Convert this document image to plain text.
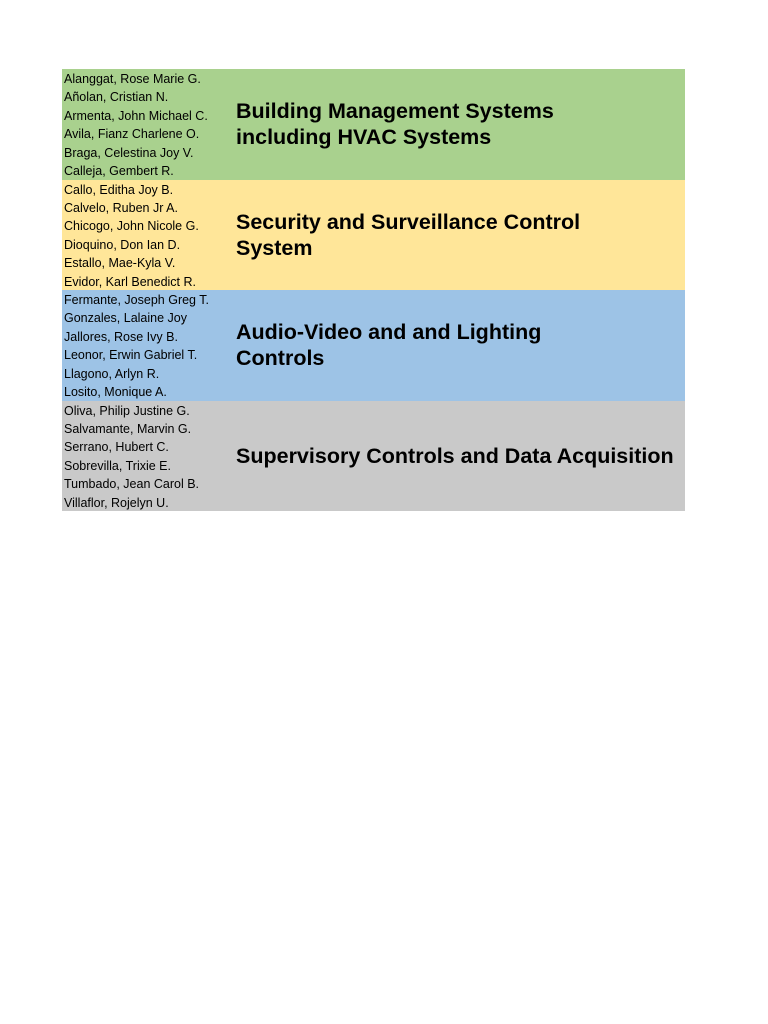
Alanggat, Rose Marie G.
Añolan, Cristian N.
Armenta, John Michael C.
Avila, Fianz Charlene O.
Braga, Celestina Joy V.
Calleja, Gembert R.
Building Management Systems including HVAC Systems
Callo, Editha Joy B.
Calvelo, Ruben Jr A.
Chicogo, John Nicole G.
Dioquino, Don Ian D.
Estallo, Mae-Kyla V.
Evidor, Karl Benedict R.
Security and Surveillance Control System
Fermante, Joseph Greg T.
Gonzales, Lalaine Joy
Jallores, Rose Ivy B.
Leonor, Erwin Gabriel T.
Llagono, Arlyn R.
Losito, Monique A.
Audio-Video and and Lighting Controls
Oliva, Philip Justine G.
Salvamante, Marvin G.
Serrano, Hubert C.
Sobrevilla, Trixie E.
Tumbado, Jean Carol B.
Villaflor, Rojelyn U.
Supervisory Controls and Data Acquisition
